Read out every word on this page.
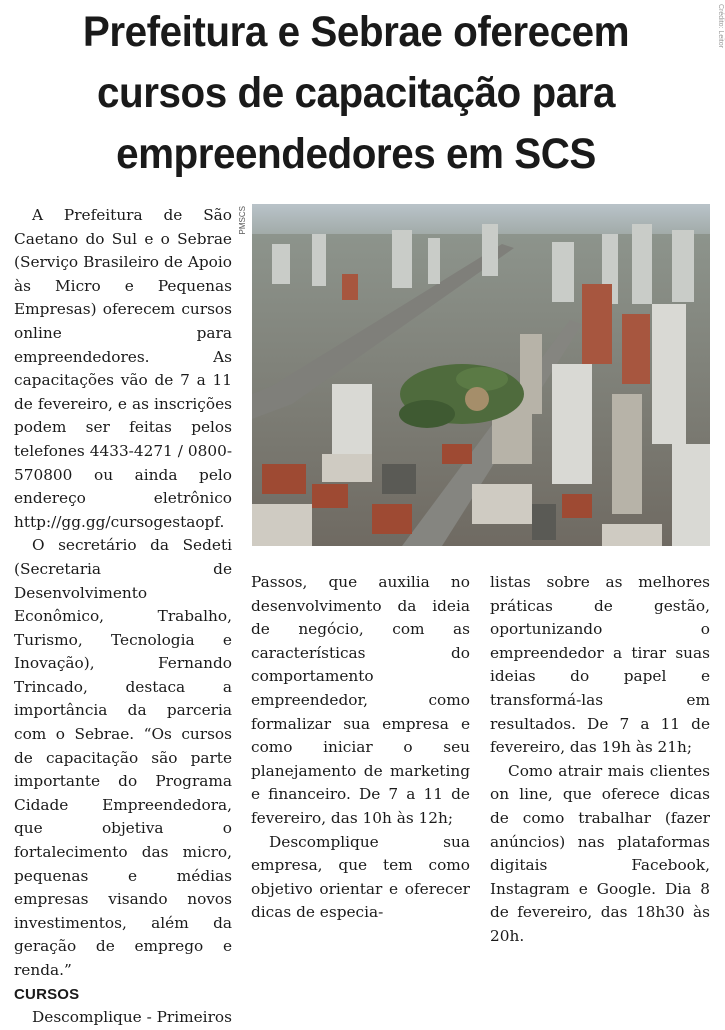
Prefeitura e Sebrae oferecem
cursos de capacitação para
empreendedores em SCS
Crédito: Leitor

A Prefeitura de São Caetano do Sul e o Sebrae (Serviço Brasileiro de Apoio às Micro e Pequenas Empresas) oferecem cursos online para empreendedores. As capacitações vão de 7 a 11 de fevereiro, e as inscrições podem ser feitas pelos telefones 4433-4271 / 0800-570800 ou ainda pelo endereço eletrônico http://gg.gg/cursogestaopf.

O secretário da Sedeti (Secretaria de Desenvolvimento Econômico, Trabalho, Turismo, Tecnologia e Inovação), Fernando Trincado, destaca a importância da parceria com o Sebrae. “Os cursos de capacitação são parte importante do Programa Cidade Empreendedora, que objetiva o fortalecimento das micro, pequenas e médias empresas visando novos investimentos, além da geração de emprego e renda.”

CURSOS

Descomplique - Primeiros

PMSCS

Passos, que auxilia no desenvolvimento da ideia de negócio, com as características do comportamento empreendedor, como formalizar sua empresa e como iniciar o seu planejamento de marketing e financeiro. De 7 a 11 de fevereiro, das 10h às 12h;

Descomplique sua empresa, que tem como objetivo orientar e oferecer dicas de especia-

listas sobre as melhores práticas de gestão, oportunizando o empreendedor a tirar suas ideias do papel e transformá-las em resultados. De 7 a 11 de fevereiro, das 19h às 21h;

Como atrair mais clientes on line, que oferece dicas de como trabalhar (fazer anúncios) nas plataformas digitais Facebook, Instagram e Google. Dia 8 de fevereiro, das 18h30 às 20h.
